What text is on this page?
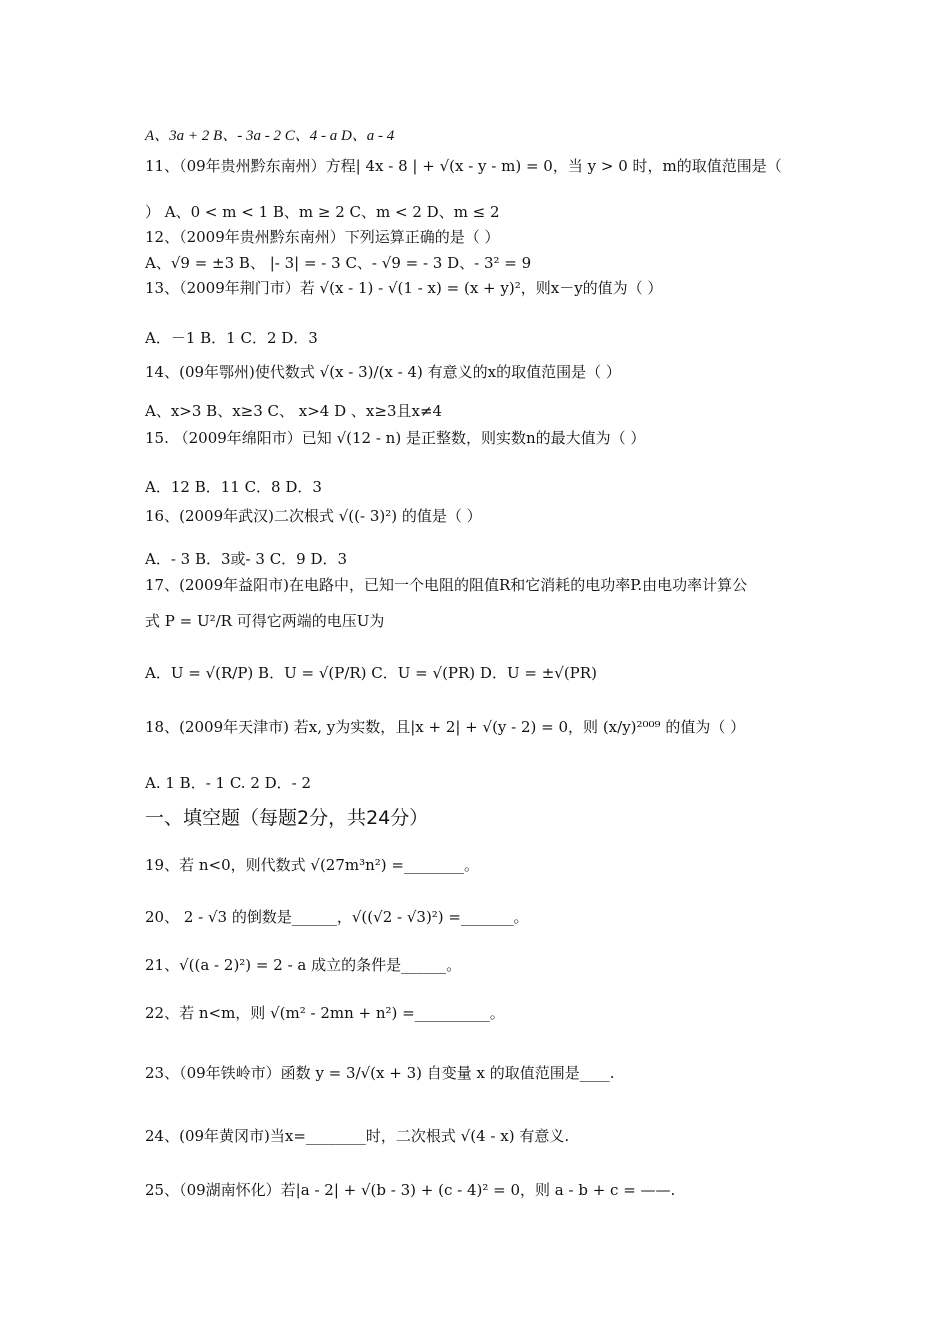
A、3a + 2 B、- 3a - 2 C、4 - a D、a - 4
11、（09年贵州黔东南州）方程| 4x - 8 | + √(x - y - m) = 0，当 y > 0 时，m的取值范围是（
） A、0 < m < 1 B、m ≥ 2 C、m < 2 D、m ≤ 2
12、（2009年贵州黔东南州）下列运算正确的是（ ）
A、√9 = ±3 B、 |- 3| = - 3 C、- √9 = - 3 D、- 3² = 9
13、（2009年荆门市）若 √(x - 1) - √(1 - x) = (x + y)²，则x－y的值为（ ）
A．－1 B．1 C．2 D．3
14、(09年鄂州)使代数式 √(x - 3)/(x - 4) 有意义的x的取值范围是（ ）
A、x>3 B、x≥3 C、 x>4 D 、x≥3且x≠4
15. （2009年绵阳市）已知 √(12 - n) 是正整数，则实数n的最大值为（ ）
A．12 B．11 C．8 D．3
16、(2009年武汉)二次根式 √((- 3)²) 的值是（ ）
A．- 3 B．3或- 3 C．9 D．3
17、(2009年益阳市)在电路中，已知一个电阻的阻值R和它消耗的电功率P.由电功率计算公
式 P = U²/R 可得它两端的电压U为
A．U = √(R/P) B．U = √(P/R) C．U = √(PR) D．U = ±√(PR)
18、(2009年天津市) 若x, y为实数，且|x + 2| + √(y - 2) = 0，则 (x/y)²⁰⁰⁹ 的值为（ ）
A. 1 B．- 1 C. 2 D．- 2
一、填空题（每题2分，共24分）
19、若 n<0，则代数式 √(27m³n²) =________。
20、 2 - √3 的倒数是______，√((√2 - √3)²) =_______。
21、√((a - 2)²) = 2 - a 成立的条件是______。
22、若 n<m，则 √(m² - 2mn + n²) =__________。
23、（09年铁岭市）函数 y = 3/√(x + 3) 自变量 x 的取值范围是____.
24、(09年黄冈市)当x=________时，二次根式 √(4 - x) 有意义.
25、（09湖南怀化）若|a - 2| + √(b - 3) + (c - 4)² = 0，则 a - b + c = ——.
